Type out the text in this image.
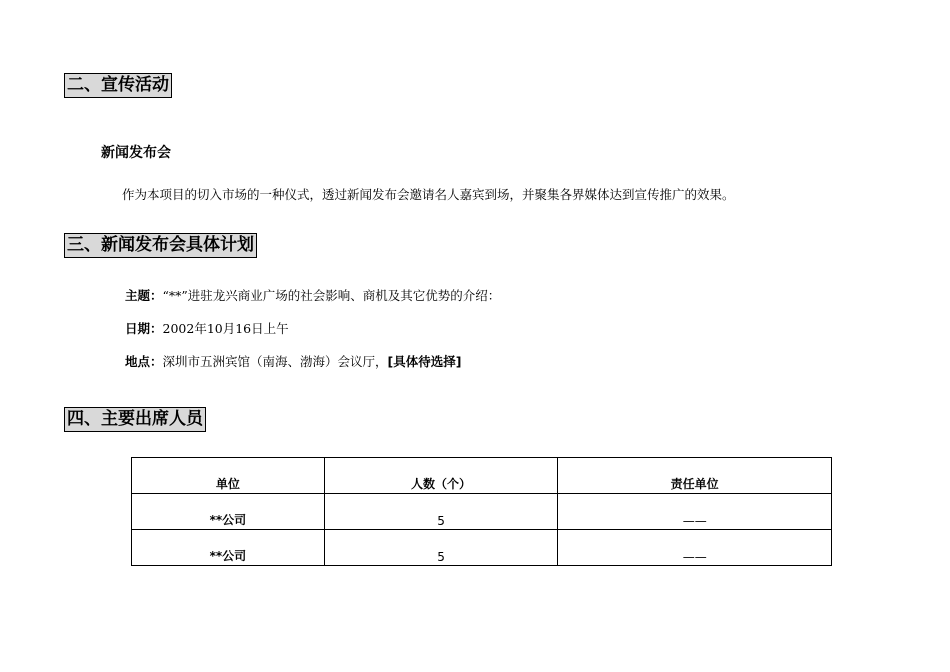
二、宣传活动
新闻发布会
作为本项目的切入市场的一种仪式，透过新闻发布会邀请名人嘉宾到场，并聚集各界媒体达到宣传推广的效果。
三、新闻发布会具体计划
主题：“**”进驻龙兴商业广场的社会影响、商机及其它优势的介绍：
日期：2002年10月16日上午
地点：深圳市五洲宾馆（南海、渤海）会议厅，[具体待选择]
四、主要出席人员
单位	人数（个）	责任单位
**公司	5	——
**公司	5	——
